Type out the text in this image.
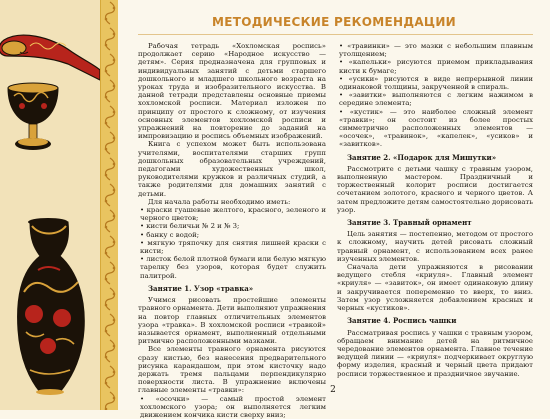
МЕТОДИЧЕСКИЕ РЕКОМЕНДАЦИИ

Рабочая тетрадь «Хохломская роспись» продолжает серию «Народное искусство — детям». Серия предназначена для групповых и индивидуальных занятий с детьми старшего дошкольного и младшего школьного возраста на уроках труда и изобразительного искусства. В данной тетради представлены основные приемы хохломской росписи. Материал изложен по принципу от простого к сложному, от изучения основных элементов хохломской росписи и упражнений на повторение до заданий на импровизацию и роспись объемных изображений.

Книга с успехом может быть использована учителями, воспитателями старших групп дошкольных образовательных учреждений, педагогами художественных школ, руководителями кружков и различных студий, а также родителями для домашних занятий с детьми.

Для начала работы необходимо иметь:

• краски гуашевые желтого, красного, зеленого и черного цветов;

• кисти беличьи № 2 и № 3;

• банку с водой;

• мягкую тряпочку для снятия лишней краски с кисти;

• листок белой плотной бумаги или белую мягкую тарелку без узоров, которая будет служить палитрой.

Занятие 1. Узор «травка»

Учимся рисовать простейшие элементы травного орнамента. Дети выполняют упражнения на повтор главных отличительных элементов узора «травка». В хохломской росписи «травкой» называется орнамент, выполненный отдельными ритмично расположенными мазками.

Все элементы травного орнамента рисуются сразу кистью, без нанесения предварительного рисунка карандашом, при этом кисточку надо держать тремя пальцами перпендикулярно поверхности листа. В упражнение включены главные элементы «травки»:

• «осочки» — самый простой элемент хохломского узора; он выполняется легким движением кончика кисти сверху вниз;

• «травинки» — это мазки с небольшим плавным утолщением;

• «капельки» рисуются приемом прикладывания кисти к бумаге;

• «усики» рисуются в виде непрерывной линии одинаковой толщины, закрученной в спираль.

• «завитки» выполняются с легким нажимом в середине элемента;

• «кустик» — это наиболее сложный элемент «травки»; он состоит из более простых симметрично расположенных элементов — «осочек», «травинок», «капелек», «усиков» и «завитков».

Занятие 2. «Подарок для Мишутки»

Рассмотрите с детьми чашку с травным узором, выполненную мастером. Праздничный и торжественный колорит росписи достигается сочетанием золотого, красного и черного цветов. А затем предложите детям самостоятельно дорисовать узор.

Занятие 3. Травный орнамент

Цель занятия — постепенно, методом от простого к сложному, научить детей рисовать сложный травный орнамент, с использованием всех ранее изученных элементов.

Сначала дети упражняются в рисовании ведущего стебля «криуля». Главный элемент «криуля» — «завиток», он имеет одинаковую длину и закручивается попеременно то вверх, то вниз. Затем узор усложняется добавлением красных и черных «кустиков».

Занятие 4. Роспись чашки

Рассматривая роспись у чашки с травным узором, обращаем внимание детей на ритмичное чередование элементов орнамента. Главное течение ведущей линии — «криуля» подчеркивает округлую форму изделия, красный и черный цвета придают росписи торжественное и праздничное звучание.

2
